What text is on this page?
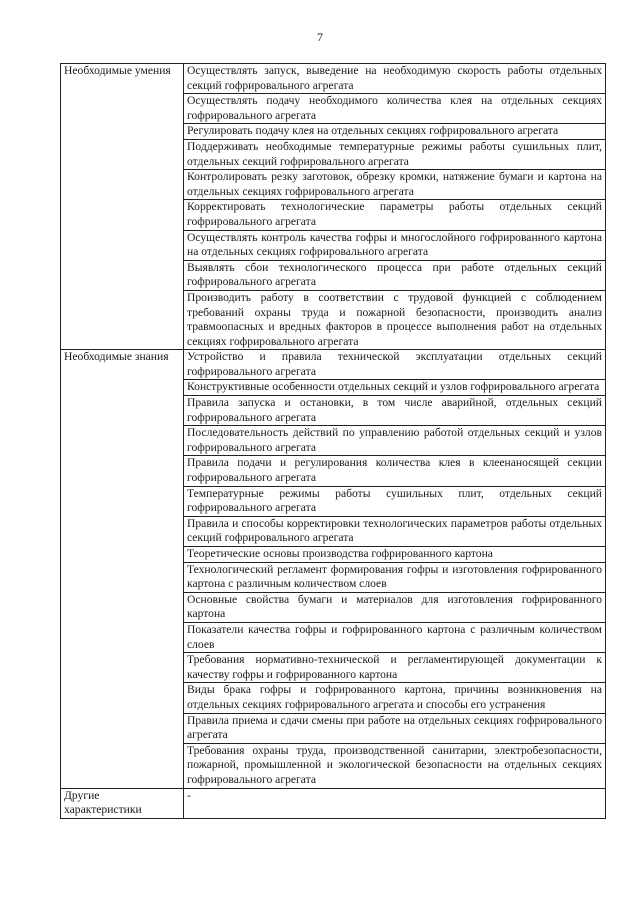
7
Необходимые умения	Осуществлять запуск, выведение на необходимую скорость работы отдельных секций гофрировального агрегата
	Осуществлять подачу необходимого количества клея на отдельных секциях гофрировального агрегата
	Регулировать подачу клея на отдельных секциях гофрировального агрегата
	Поддерживать необходимые температурные режимы работы сушильных плит, отдельных секций гофрировального агрегата
	Контролировать резку заготовок, обрезку кромки, натяжение бумаги и картона на отдельных секциях гофрировального агрегата
	Корректировать технологические параметры работы отдельных секций гофрировального агрегата
	Осуществлять контроль качества гофры и многослойного гофрированного картона на отдельных секциях гофрировального агрегата
	Выявлять сбои технологического процесса при работе отдельных секций гофрировального агрегата
	Производить работу в соответствии с трудовой функцией с соблюдением требований охраны труда и пожарной безопасности, производить анализ травмоопасных и вредных факторов в процессе выполнения работ на отдельных секциях гофрировального агрегата
Необходимые знания	Устройство и правила технической эксплуатации отдельных секций гофрировального агрегата
	Конструктивные особенности отдельных секций и узлов гофрировального агрегата
	Правила запуска и остановки, в том числе аварийной, отдельных секций гофрировального агрегата
	Последовательность действий по управлению работой отдельных секций и узлов гофрировального агрегата
	Правила подачи и регулирования количества клея в клеенаносящей секции гофрировального агрегата
	Температурные режимы работы сушильных плит, отдельных секций гофрировального агрегата
	Правила и способы корректировки технологических параметров работы отдельных секций гофрировального агрегата
	Теоретические основы производства гофрированного картона
	Технологический регламент формирования гофры и изготовления гофрированного картона с различным количеством слоев
	Основные свойства бумаги и материалов для изготовления гофрированного картона
	Показатели качества гофры и гофрированного картона с различным количеством слоев
	Требования нормативно-технической и регламентирующей документации к качеству гофры и гофрированного картона
	Виды брака гофры и гофрированного картона, причины возникновения на отдельных секциях гофрировального агрегата и способы его устранения
	Правила приема и сдачи смены при работе на отдельных секциях гофрировального агрегата
	Требования охраны труда, производственной санитарии, электробезопасности, пожарной, промышленной и экологической безопасности на отдельных секциях гофрировального агрегата
Другие характеристики	-
